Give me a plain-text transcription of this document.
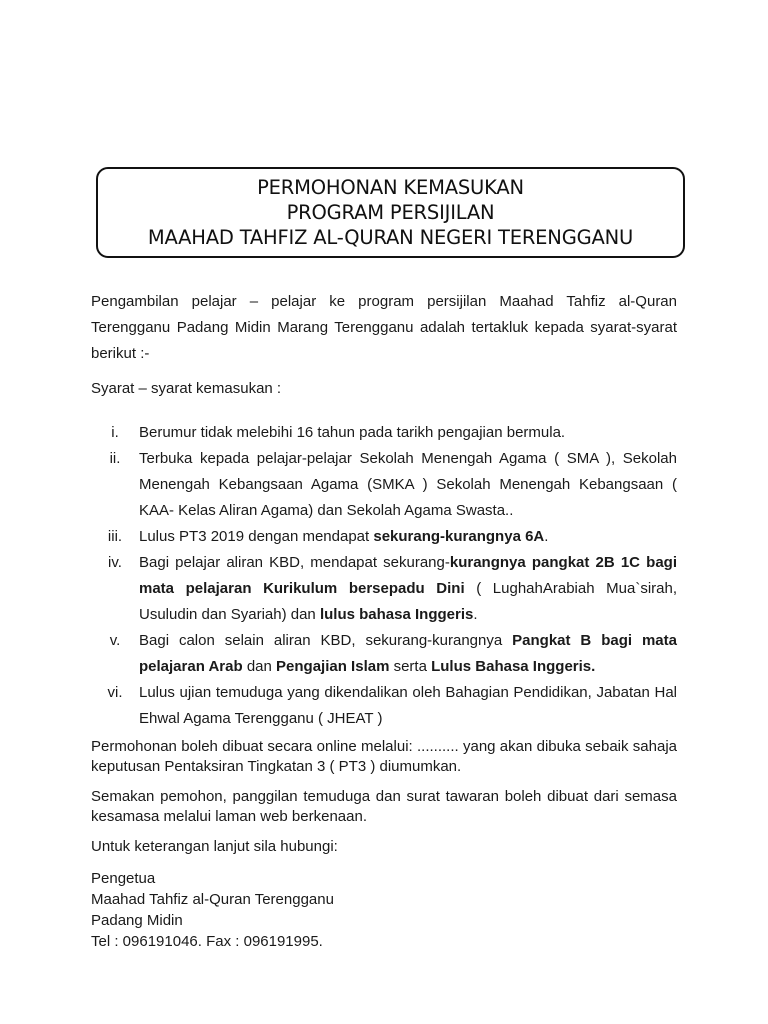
PERMOHONAN KEMASUKAN
PROGRAM PERSIJILAN
MAAHAD TAHFIZ AL-QURAN NEGERI TERENGGANU

Pengambilan pelajar – pelajar ke program persijilan Maahad Tahfiz al-Quran Terengganu Padang Midin Marang Terengganu adalah tertakluk kepada syarat-syarat berikut :-

Syarat – syarat kemasukan :

i.	Berumur tidak melebihi 16 tahun pada tarikh pengajian bermula.
ii.	Terbuka kepada pelajar-pelajar Sekolah Menengah Agama ( SMA ), Sekolah Menengah Kebangsaan Agama (SMKA ) Sekolah Menengah Kebangsaan ( KAA- Kelas Aliran Agama) dan Sekolah Agama Swasta..
iii.	Lulus PT3 2019 dengan mendapat sekurang-kurangnya 6A.
iv.	Bagi pelajar aliran KBD, mendapat sekurang-kurangnya pangkat 2B 1C bagi mata pelajaran Kurikulum bersepadu Dini ( LughahArabiah Mua`sirah, Usuludin dan Syariah) dan lulus bahasa Inggeris.
v.	Bagi calon selain aliran KBD, sekurang-kurangnya Pangkat B bagi mata pelajaran Arab dan Pengajian Islam serta Lulus Bahasa Inggeris.
vi.	Lulus ujian temuduga yang dikendalikan oleh Bahagian Pendidikan, Jabatan Hal Ehwal Agama Terengganu ( JHEAT )

Permohonan boleh dibuat secara online melalui: .......... yang akan dibuka sebaik sahaja keputusan Pentaksiran Tingkatan 3 ( PT3 ) diumumkan.

Semakan pemohon, panggilan temuduga dan surat tawaran boleh dibuat dari semasa kesamasa melalui laman web berkenaan.

Untuk keterangan lanjut sila hubungi:

Pengetua
Maahad Tahfiz al-Quran Terengganu
Padang Midin
Tel : 096191046. Fax : 096191995.
